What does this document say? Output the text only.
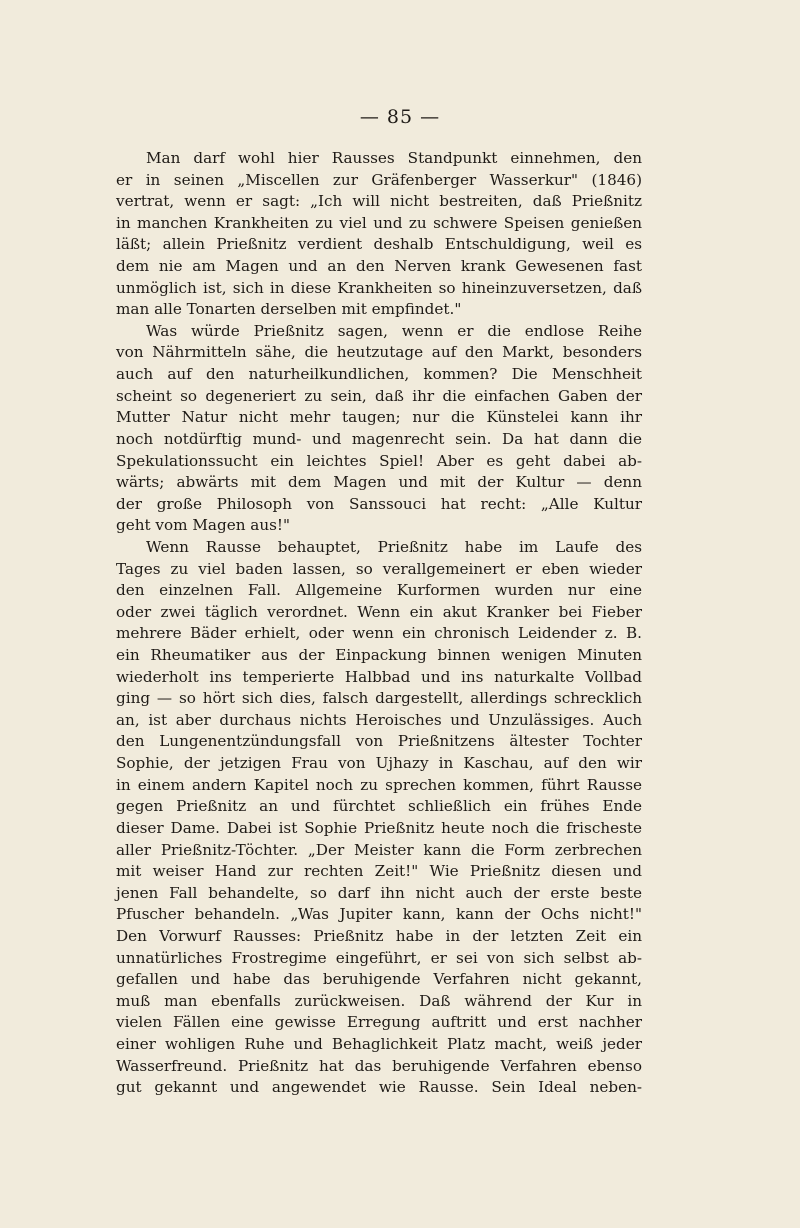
— 85 —
Man darf wohl hier Rausses Standpunkt einnehmen, den
er in seinen „Miscellen zur Gräfenberger Wasserkur" (1846)
vertrat, wenn er sagt: „Ich will nicht bestreiten, daß Prießnitz
in manchen Krankheiten zu viel und zu schwere Speisen genießen
läßt; allein Prießnitz verdient deshalb Entschuldigung, weil es
dem nie am Magen und an den Nerven krank Gewesenen fast
unmöglich ist, sich in diese Krankheiten so hineinzuversetzen, daß
man alle Tonarten derselben mit empfindet."
Was würde Prießnitz sagen, wenn er die endlose Reihe
von Nährmitteln sähe, die heutzutage auf den Markt, besonders
auch auf den naturheilkundlichen, kommen? Die Menschheit
scheint so degeneriert zu sein, daß ihr die einfachen Gaben der
Mutter Natur nicht mehr taugen; nur die Künstelei kann ihr
noch notdürftig mund- und magenrecht sein. Da hat dann die
Spekulationssucht ein leichtes Spiel! Aber es geht dabei ab-
wärts; abwärts mit dem Magen und mit der Kultur — denn
der große Philosoph von Sanssouci hat recht: „Alle Kultur
geht vom Magen aus!"
Wenn Rausse behauptet, Prießnitz habe im Laufe des
Tages zu viel baden lassen, so verallgemeinert er eben wieder
den einzelnen Fall. Allgemeine Kurformen wurden nur eine
oder zwei täglich verordnet. Wenn ein akut Kranker bei Fieber
mehrere Bäder erhielt, oder wenn ein chronisch Leidender z. B.
ein Rheumatiker aus der Einpackung binnen wenigen Minuten
wiederholt ins temperierte Halbbad und ins naturkalte Vollbad
ging — so hört sich dies, falsch dargestellt, allerdings schrecklich
an, ist aber durchaus nichts Heroisches und Unzulässiges. Auch
den Lungenentzündungsfall von Prießnitzens ältester Tochter
Sophie, der jetzigen Frau von Ujhazy in Kaschau, auf den wir
in einem andern Kapitel noch zu sprechen kommen, führt Rausse
gegen Prießnitz an und fürchtet schließlich ein frühes Ende
dieser Dame. Dabei ist Sophie Prießnitz heute noch die frischeste
aller Prießnitz-Töchter. „Der Meister kann die Form zerbrechen
mit weiser Hand zur rechten Zeit!" Wie Prießnitz diesen und
jenen Fall behandelte, so darf ihn nicht auch der erste beste
Pfuscher behandeln. „Was Jupiter kann, kann der Ochs nicht!"
Den Vorwurf Rausses: Prießnitz habe in der letzten Zeit ein
unnatürliches Frostregime eingeführt, er sei von sich selbst ab-
gefallen und habe das beruhigende Verfahren nicht gekannt,
muß man ebenfalls zurückweisen. Daß während der Kur in
vielen Fällen eine gewisse Erregung auftritt und erst nachher
einer wohligen Ruhe und Behaglichkeit Platz macht, weiß jeder
Wasserfreund. Prießnitz hat das beruhigende Verfahren ebenso
gut gekannt und angewendet wie Rausse. Sein Ideal neben-
